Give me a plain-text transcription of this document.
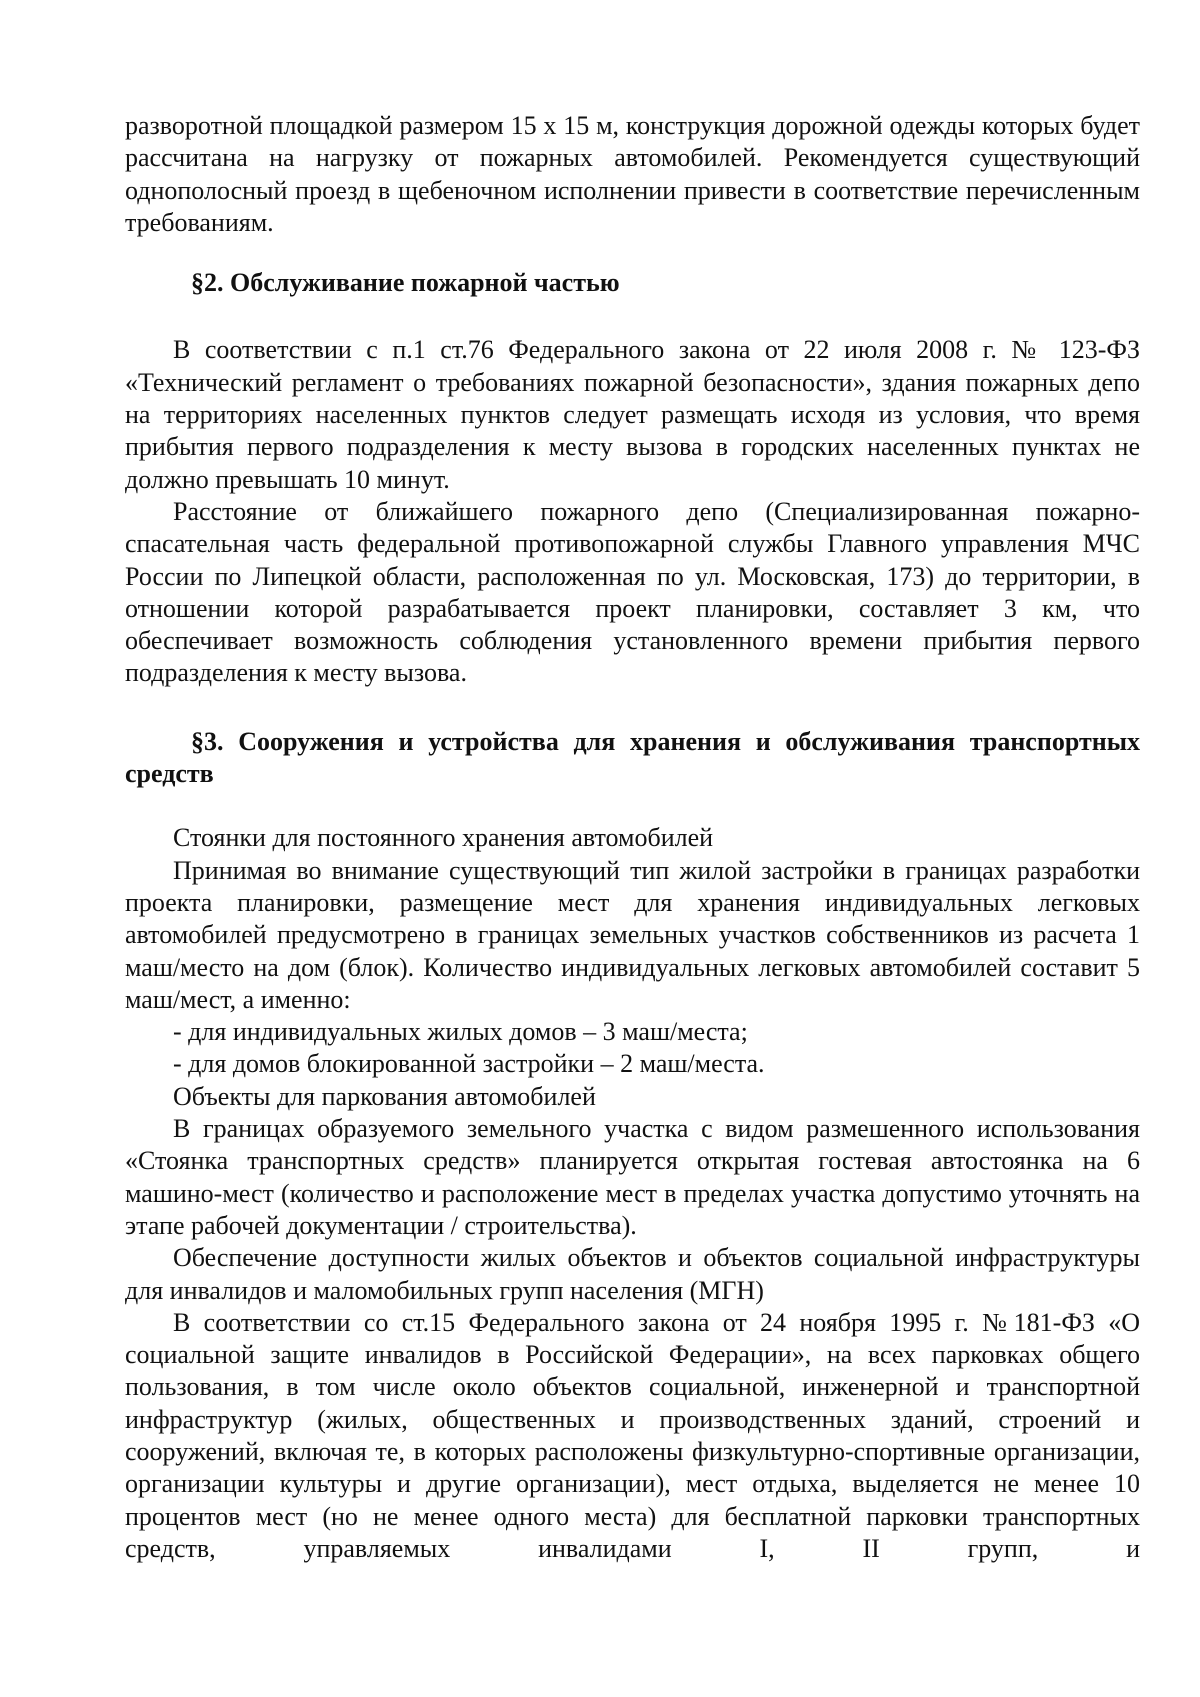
разворотной площадкой размером 15 х 15 м, конструкция дорожной одежды которых будет рассчитана на нагрузку от пожарных автомобилей. Рекомендуется существующий однополосный проезд в щебеночном исполнении привести в соответствие перечисленным требованиям.

§2. Обслуживание пожарной частью

В соответствии с п.1 ст.76 Федерального закона от 22 июля 2008 г. № 123-ФЗ «Технический регламент о требованиях пожарной безопасности», здания пожарных депо на территориях населенных пунктов следует размещать исходя из условия, что время прибытия первого подразделения к месту вызова в городских населенных пунктах не должно превышать 10 минут.

Расстояние от ближайшего пожарного депо (Специализированная пожарно-спасательная часть федеральной противопожарной службы Главного управления МЧС России по Липецкой области, расположенная по ул. Московская, 173) до территории, в отношении которой разрабатывается проект планировки, составляет 3 км, что обеспечивает возможность соблюдения установленного времени прибытия первого подразделения к месту вызова.

§3. Сооружения и устройства для хранения и обслуживания транспортных средств

Стоянки для постоянного хранения автомобилей

Принимая во внимание существующий тип жилой застройки в границах разработки проекта планировки, размещение мест для хранения индивидуальных легковых автомобилей предусмотрено в границах земельных участков собственников из расчета 1 маш/место на дом (блок). Количество индивидуальных легковых автомобилей составит 5 маш/мест, а именно:

- для индивидуальных жилых домов – 3 маш/места;

- для домов блокированной застройки – 2 маш/места.

Объекты для паркования автомобилей

В границах образуемого земельного участка с видом размешенного использования «Стоянка транспортных средств» планируется открытая гостевая автостоянка на 6 машино-мест (количество и расположение мест в пределах участка допустимо уточнять на этапе рабочей документации / строительства).

Обеспечение доступности жилых объектов и объектов социальной инфраструктуры для инвалидов и маломобильных групп населения (МГН)

В соответствии со ст.15 Федерального закона от 24 ноября 1995 г. №181-ФЗ «О социальной защите инвалидов в Российской Федерации», на всех парковках общего пользования, в том числе около объектов социальной, инженерной и транспортной инфраструктур (жилых, общественных и производственных зданий, строений и сооружений, включая те, в которых расположены физкультурно-спортивные организации, организации культуры и другие организации), мест отдыха, выделяется не менее 10 процентов мест (но не менее одного места) для бесплатной парковки транспортных средств, управляемых инвалидами I, II групп, и
